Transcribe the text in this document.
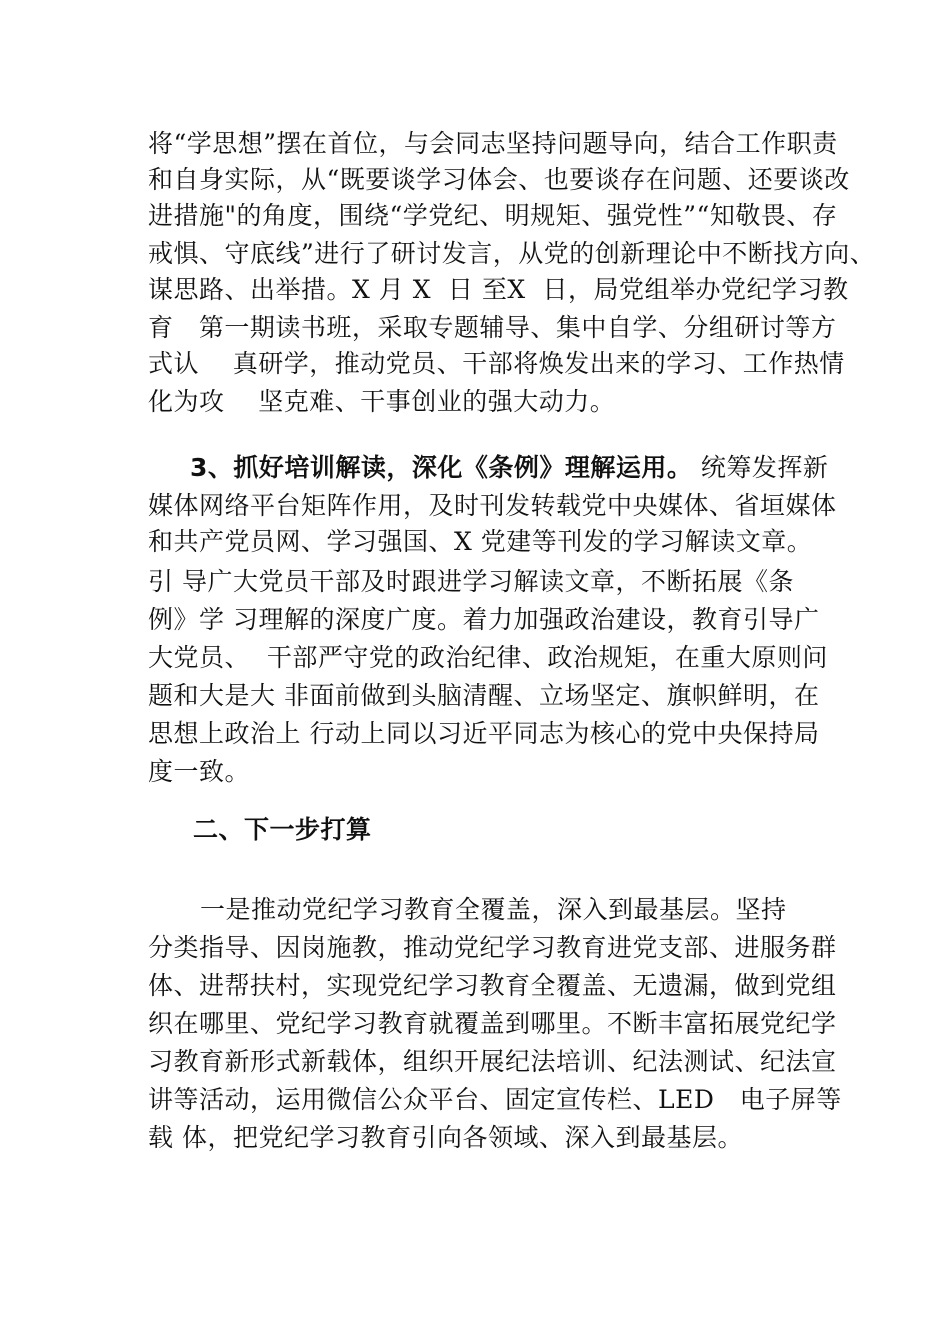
将“学思想”摆在首位，与会同志坚持问题导向，结合工作职责
和自身实际，从“既要谈学习体会、也要谈存在问题、还要谈改
进措施"的角度，围绕“学党纪、明规矩、强党性”“知敬畏、存
戒惧、守底线”进行了研讨发言，从党的创新理论中不断找方向、
谋思路、出举措。X 月 X  日 至X  日，局党组举办党纪学习教
育   第一期读书班，采取专题辅导、集中自学、分组研讨等方
式认    真研学，推动党员、干部将焕发出来的学习、工作热情
化为攻    坚克难、干事创业的强大动力。
3、抓好培训解读，深化《条例》理解运用。 统筹发挥新
媒体网络平台矩阵作用，及时刊发转载党中央媒体、省垣媒体
和共产党员网、学习强国、X 党建等刊发的学习解读文章。
引 导广大党员干部及时跟进学习解读文章，不断拓展《条
例》学 习理解的深度广度。着力加强政治建设，教育引导广
大党员、  干部严守党的政治纪律、政治规矩，在重大原则问
题和大是大 非面前做到头脑清醒、立场坚定、旗帜鲜明，在
思想上政治上 行动上同以习近平同志为核心的党中央保持局
度一致。
二、下一步打算
一是推动党纪学习教育全覆盖，深入到最基层。坚持
分类指导、因岗施教，推动党纪学习教育进党支部、进服务群
体、进帮扶村，实现党纪学习教育全覆盖、无遗漏，做到党组
织在哪里、党纪学习教育就覆盖到哪里。不断丰富拓展党纪学
习教育新形式新载体，组织开展纪法培训、纪法测试、纪法宣
讲等活动，运用微信公众平台、固定宣传栏、LED   电子屏等
载 体，把党纪学习教育引向各领域、深入到最基层。
